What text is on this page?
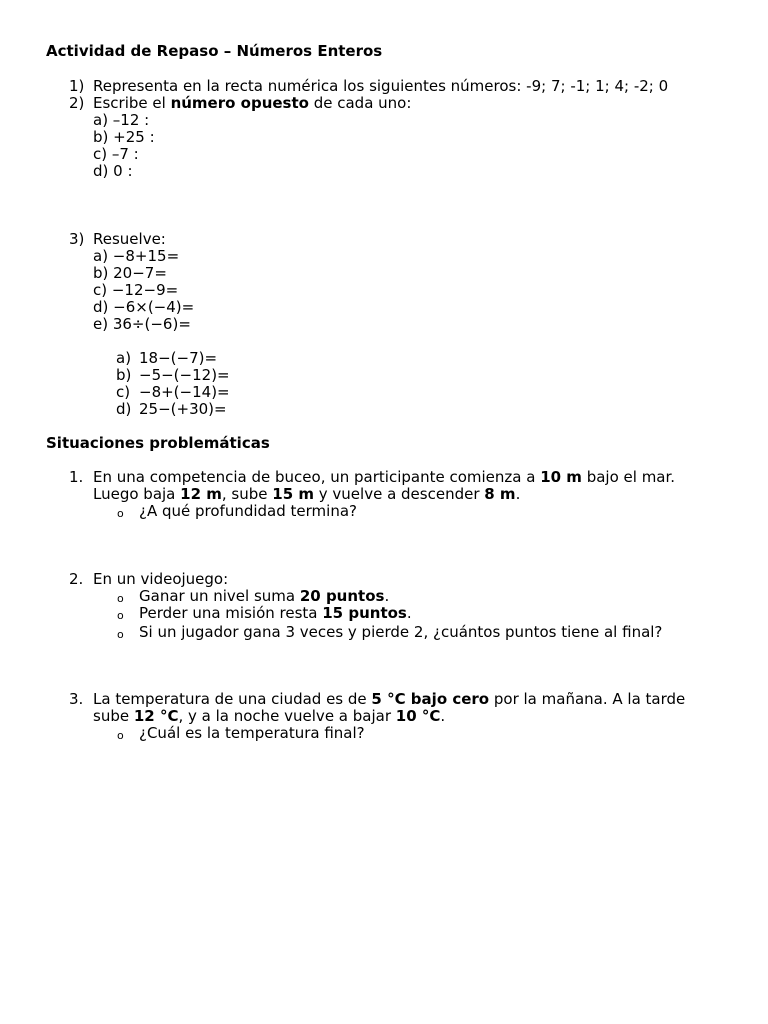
Actividad de Repaso – Números Enteros
1) Representa en la recta numérica los siguientes números: -9; 7; -1; 1; 4; -2; 0
2) Escribe el número opuesto de cada uno:
a) –12 :
b) +25 :
c) –7 :
d) 0 :
3) Resuelve:
a) −8+15=
b) 20−7=
c) −12−9=
d) −6×(−4)=
e) 36÷(−6)=
a) 18−(−7)=
b) −5−(−12)=
c) −8+(−14)=
d) 25−(+30)=
Situaciones problemáticas
1. En una competencia de buceo, un participante comienza a 10 m bajo el mar.
Luego baja 12 m, sube 15 m y vuelve a descender 8 m.
o ¿A qué profundidad termina?
2. En un videojuego:
o Ganar un nivel suma 20 puntos.
o Perder una misión resta 15 puntos.
o Si un jugador gana 3 veces y pierde 2, ¿cuántos puntos tiene al final?
3. La temperatura de una ciudad es de 5 °C bajo cero por la mañana. A la tarde
sube 12 °C, y a la noche vuelve a bajar 10 °C.
o ¿Cuál es la temperatura final?
